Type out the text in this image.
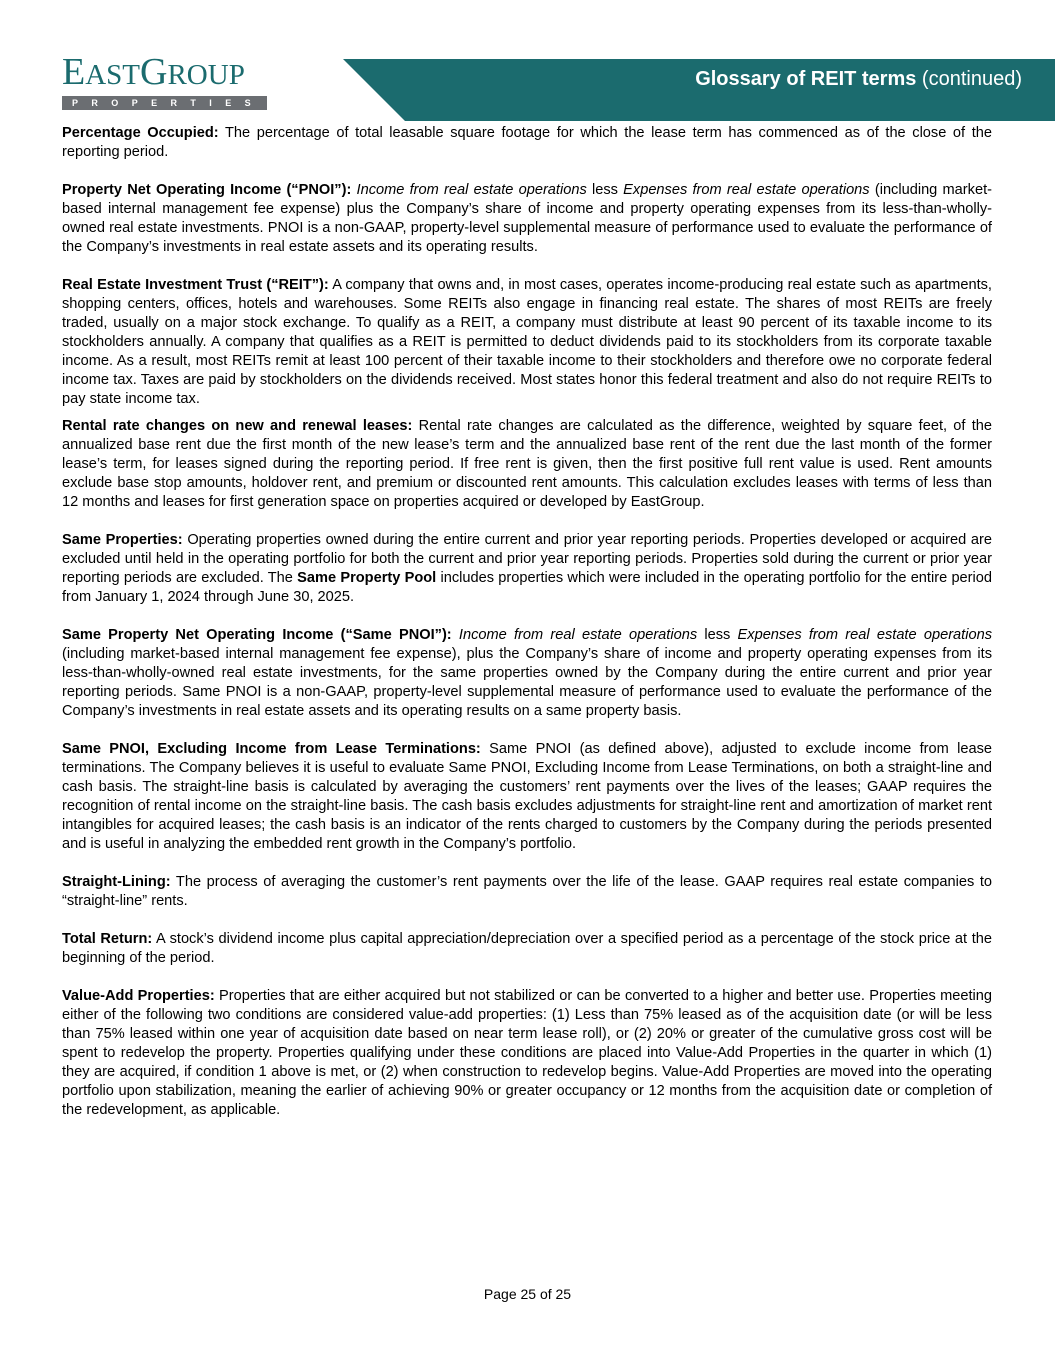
EASTGROUP
PROPERTIES
Glossary of REIT terms (continued)

Percentage Occupied: The percentage of total leasable square footage for which the lease term has commenced as of the close of the reporting period.

Property Net Operating Income (“PNOI”): Income from real estate operations less Expenses from real estate operations (including market-based internal management fee expense) plus the Company’s share of income and property operating expenses from its less-than-wholly-owned real estate investments. PNOI is a non-GAAP, property-level supplemental measure of performance used to evaluate the performance of the Company’s investments in real estate assets and its operating results.

Real Estate Investment Trust (“REIT”): A company that owns and, in most cases, operates income-producing real estate such as apartments, shopping centers, offices, hotels and warehouses. Some REITs also engage in financing real estate. The shares of most REITs are freely traded, usually on a major stock exchange. To qualify as a REIT, a company must distribute at least 90 percent of its taxable income to its stockholders annually. A company that qualifies as a REIT is permitted to deduct dividends paid to its stockholders from its corporate taxable income. As a result, most REITs remit at least 100 percent of their taxable income to their stockholders and therefore owe no corporate federal income tax. Taxes are paid by stockholders on the dividends received. Most states honor this federal treatment and also do not require REITs to pay state income tax.

Rental rate changes on new and renewal leases: Rental rate changes are calculated as the difference, weighted by square feet, of the annualized base rent due the first month of the new lease’s term and the annualized base rent of the rent due the last month of the former lease’s term, for leases signed during the reporting period. If free rent is given, then the first positive full rent value is used. Rent amounts exclude base stop amounts, holdover rent, and premium or discounted rent amounts. This calculation excludes leases with terms of less than 12 months and leases for first generation space on properties acquired or developed by EastGroup.

Same Properties: Operating properties owned during the entire current and prior year reporting periods. Properties developed or acquired are excluded until held in the operating portfolio for both the current and prior year reporting periods. Properties sold during the current or prior year reporting periods are excluded. The Same Property Pool includes properties which were included in the operating portfolio for the entire period from January 1, 2024 through June 30, 2025.

Same Property Net Operating Income (“Same PNOI”): Income from real estate operations less Expenses from real estate operations (including market-based internal management fee expense), plus the Company’s share of income and property operating expenses from its less-than-wholly-owned real estate investments, for the same properties owned by the Company during the entire current and prior year reporting periods. Same PNOI is a non-GAAP, property-level supplemental measure of performance used to evaluate the performance of the Company’s investments in real estate assets and its operating results on a same property basis.

Same PNOI, Excluding Income from Lease Terminations: Same PNOI (as defined above), adjusted to exclude income from lease terminations. The Company believes it is useful to evaluate Same PNOI, Excluding Income from Lease Terminations, on both a straight-line and cash basis. The straight-line basis is calculated by averaging the customers’ rent payments over the lives of the leases; GAAP requires the recognition of rental income on the straight-line basis. The cash basis excludes adjustments for straight-line rent and amortization of market rent intangibles for acquired leases; the cash basis is an indicator of the rents charged to customers by the Company during the periods presented and is useful in analyzing the embedded rent growth in the Company’s portfolio.

Straight-Lining: The process of averaging the customer’s rent payments over the life of the lease. GAAP requires real estate companies to “straight-line” rents.

Total Return: A stock’s dividend income plus capital appreciation/depreciation over a specified period as a percentage of the stock price at the beginning of the period.

Value-Add Properties: Properties that are either acquired but not stabilized or can be converted to a higher and better use. Properties meeting either of the following two conditions are considered value-add properties: (1) Less than 75% leased as of the acquisition date (or will be less than 75% leased within one year of acquisition date based on near term lease roll), or (2) 20% or greater of the cumulative gross cost will be spent to redevelop the property. Properties qualifying under these conditions are placed into Value-Add Properties in the quarter in which (1) they are acquired, if condition 1 above is met, or (2) when construction to redevelop begins. Value-Add Properties are moved into the operating portfolio upon stabilization, meaning the earlier of achieving 90% or greater occupancy or 12 months from the acquisition date or completion of the redevelopment, as applicable.

Page 25 of 25
